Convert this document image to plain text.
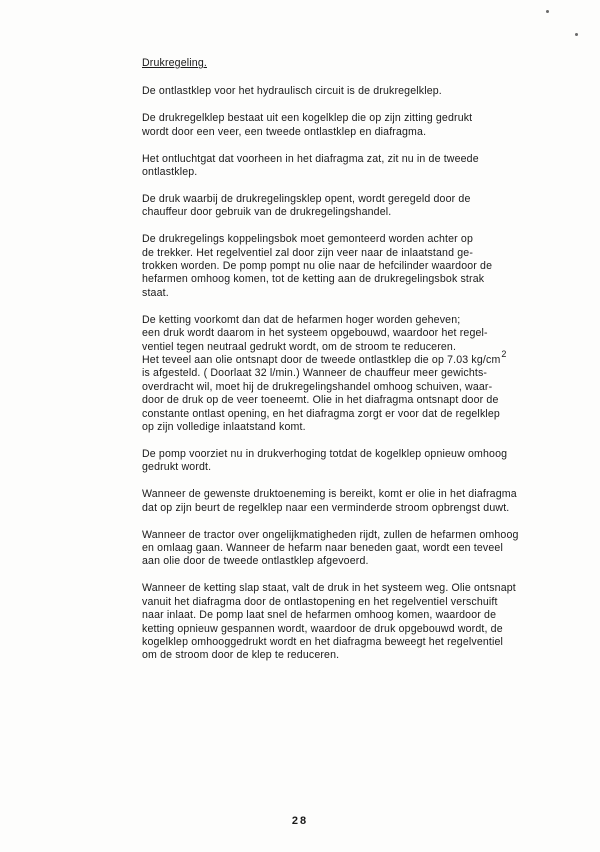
Drukregeling.
De ontlastklep voor het hydraulisch circuit is de drukregelklep.
De drukregelklep bestaat uit een kogelklep die op zijn zitting gedrukt
wordt door een veer, een tweede ontlastklep en diafragma.
Het ontluchtgat dat voorheen in het diafragma zat, zit nu in de tweede
ontlastklep.
De druk waarbij de drukregelingsklep opent, wordt geregeld door de
chauffeur door gebruik van de drukregelingshandel.
De drukregelings koppelingsbok moet gemonteerd worden achter op
de trekker. Het regelventiel zal door zijn veer naar de inlaatstand ge-
trokken worden. De pomp pompt nu olie naar de hefcilinder waardoor de
hefarmen omhoog komen, tot de ketting aan de drukregelingsbok strak
staat.
De ketting voorkomt dan dat de hefarmen hoger worden geheven;
een druk wordt daarom in het systeem opgebouwd, waardoor het regel-
ventiel tegen neutraal gedrukt wordt, om de stroom te reduceren.
Het teveel aan olie ontsnapt door de tweede ontlastklep die op 7.03 $kg/cm^2$
is afgesteld. ( Doorlaat 32 l/min.) Wanneer de chauffeur meer gewichts-
overdracht wil, moet hij de drukregelingshandel omhoog schuiven, waar-
door de druk op de veer toeneemt. Olie in het diafragma ontsnapt door de
constante ontlast opening, en het diafragma zorgt er voor dat de regelklep
op zijn volledige inlaatstand komt.
De pomp voorziet nu in drukverhoging totdat de kogelklep opnieuw omhoog
gedrukt wordt.
Wanneer de gewenste druktoeneming is bereikt, komt er olie in het diafragma
dat op zijn beurt de regelklep naar een verminderde stroom opbrengst duwt.
Wanneer de tractor over ongelijkmatigheden rijdt, zullen de hefarmen omhoog
en omlaag gaan. Wanneer de hefarm naar beneden gaat, wordt een teveel
aan olie door de tweede ontlastklep afgevoerd.
Wanneer de ketting slap staat, valt de druk in het systeem weg. Olie ontsnapt
vanuit het diafragma door de ontlastopening en het regelventiel verschuift
naar inlaat. De pomp laat snel de hefarmen omhoog komen, waardoor de
ketting opnieuw gespannen wordt, waardoor de druk opgebouwd wordt, de
kogelklep omhooggedrukt wordt en het diafragma beweegt het regelventiel
om de stroom door de klep te reduceren.
28
